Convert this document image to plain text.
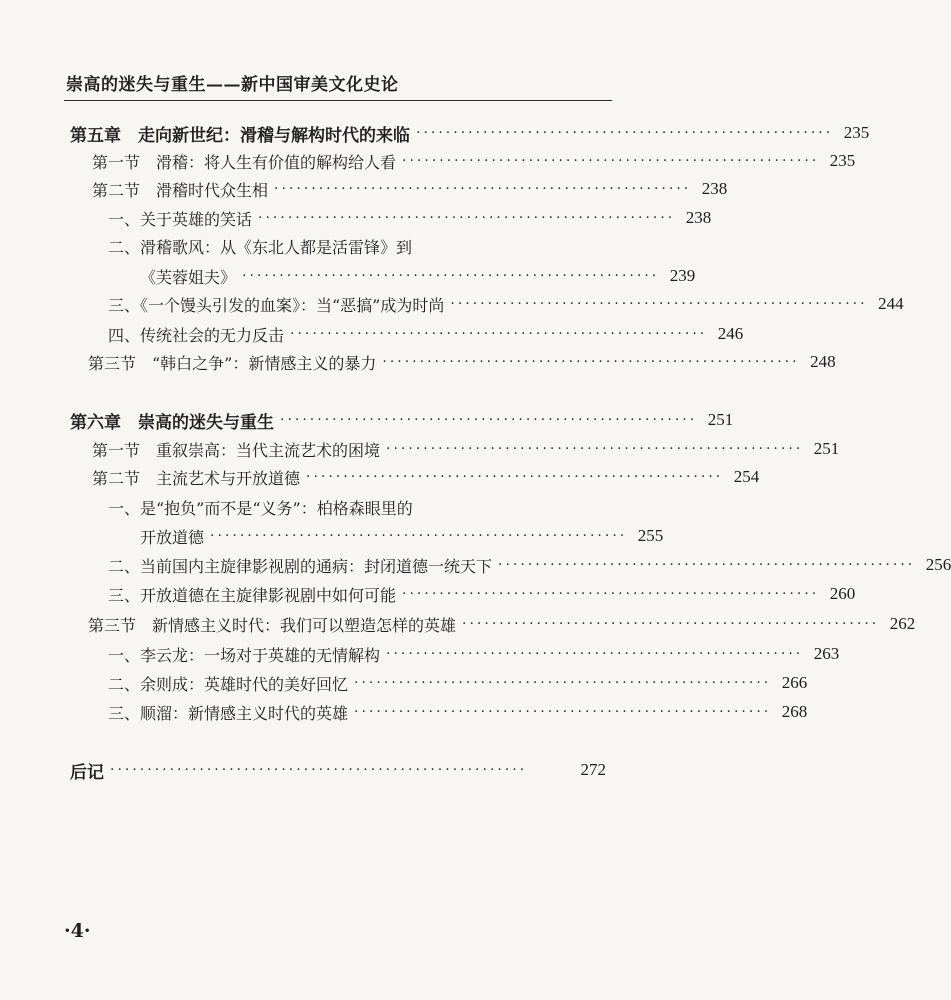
崇高的迷失与重生——新中国审美文化史论
第五章　走向新世纪：滑稽与解构时代的来临 ························································ 235
第一节　滑稽：将人生有价值的解构给人看 ························································ 235
第二节　滑稽时代众生相 ························································ 238
一、关于英雄的笑话 ························································ 238
二、滑稽歌风：从《东北人都是活雷锋》到
《芙蓉姐夫》 ························································ 239
三、《一个馒头引发的血案》：当“恶搞”成为时尚 ························································ 244
四、传统社会的无力反击 ························································ 246
第三节　“韩白之争”：新情感主义的暴力 ························································ 248
第六章　崇高的迷失与重生 ························································ 251
第一节　重叙崇高：当代主流艺术的困境 ························································ 251
第二节　主流艺术与开放道德 ························································ 254
一、是“抱负”而不是“义务”：柏格森眼里的
开放道德 ························································ 255
二、当前国内主旋律影视剧的通病：封闭道德一统天下 ························································ 256
三、开放道德在主旋律影视剧中如何可能 ························································ 260
第三节　新情感主义时代：我们可以塑造怎样的英雄 ························································ 262
一、李云龙：一场对于英雄的无情解构 ························································ 263
二、余则成：英雄时代的美好回忆 ························································ 266
三、顺溜：新情感主义时代的英雄 ························································ 268
后记 ························································	272
·4·
